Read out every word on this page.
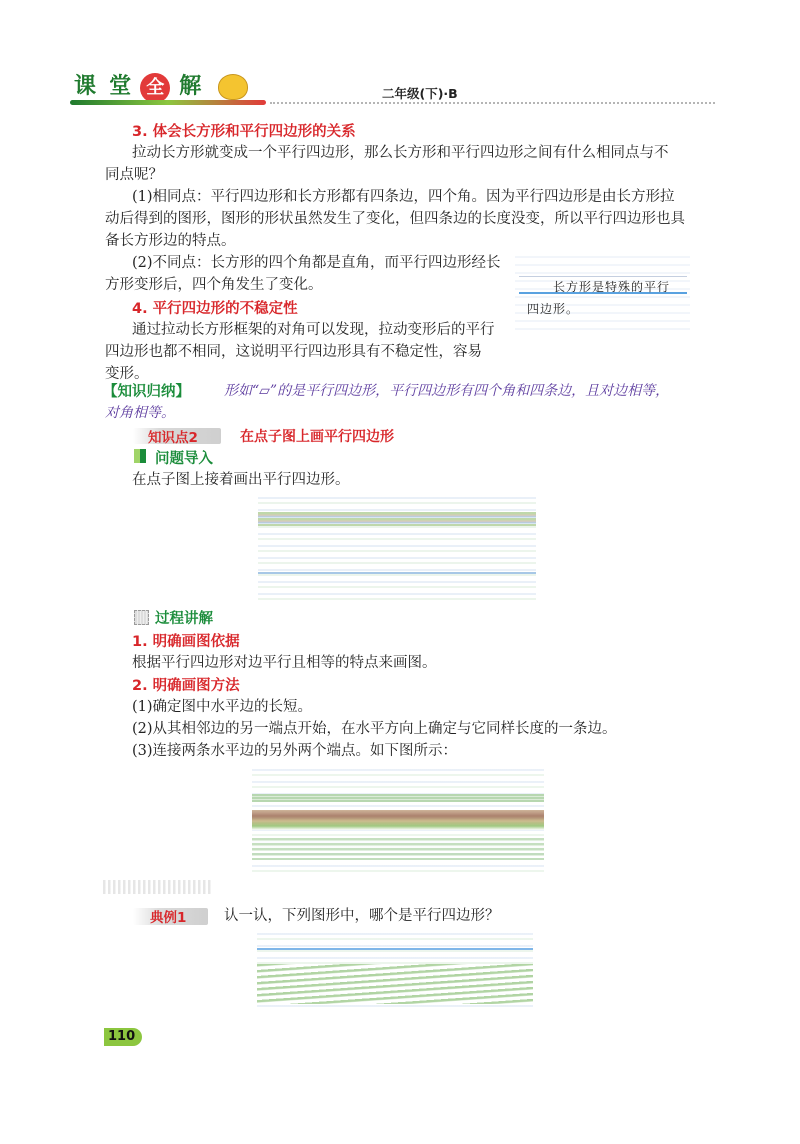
课 堂 全 解	二年级(下)·B
3. 体会长方形和平行四边形的关系
拉动长方形就变成一个平行四边形，那么长方形和平行四边形之间有什么相同点与不
同点呢？
(1)相同点：平行四边形和长方形都有四条边，四个角。因为平行四边形是由长方形拉
动后得到的图形，图形的形状虽然发生了变化，但四条边的长度没变，所以平行四边形也具
备长方形边的特点。
(2)不同点：长方形的四个角都是直角，而平行四边形经长
方形变形后，四个角发生了变化。	长方形是特殊的平行
四边形。
4. 平行四边形的不稳定性
通过拉动长方形框架的对角可以发现，拉动变形后的平行
四边形也都不相同，这说明平行四边形具有不稳定性，容易
变形。
【知识归纳】 形如“▱”的是平行四边形，平行四边形有四个角和四条边，且对边相等，
对角相等。
知识点2	在点子图上画平行四边形
问题导入
在点子图上接着画出平行四边形。
过程讲解
1. 明确画图依据
根据平行四边形对边平行且相等的特点来画图。
2. 明确画图方法
(1)确定图中水平边的长短。
(2)从其相邻边的另一端点开始，在水平方向上确定与它同样长度的一条边。
(3)连接两条水平边的另外两个端点。如下图所示：
典例1	认一认，下列图形中，哪个是平行四边形？
110
